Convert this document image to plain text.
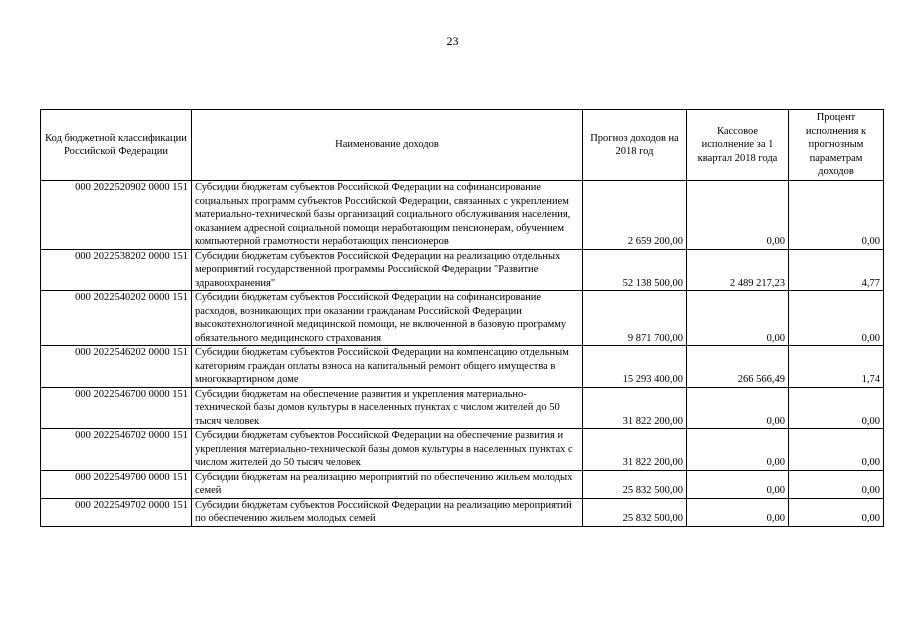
23
Код бюджетной классификации Российской Федерации	Наименование доходов	Прогноз доходов на 2018 год	Кассовое исполнение за 1 квартал 2018 года	Процент исполнения к прогнозным параметрам доходов
000 2022520902 0000 151	Субсидии бюджетам субъектов Российской Федерации на софинансирование социальных программ субъектов Российской Федерации, связанных с укреплением материально-технической базы организаций социального обслуживания населения, оказанием адресной социальной помощи неработающим пенсионерам, обучением компьютерной грамотности неработающих пенсионеров	2 659 200,00	0,00	0,00
000 2022538202 0000 151	Субсидии бюджетам субъектов Российской Федерации на реализацию отдельных мероприятий государственной программы Российской Федерации "Развитие здравоохранения"	52 138 500,00	2 489 217,23	4,77
000 2022540202 0000 151	Субсидии бюджетам субъектов Российской Федерации на софинансирование расходов, возникающих при оказании гражданам Российской Федерации высокотехнологичной медицинской помощи, не включенной в базовую программу обязательного медицинского страхования	9 871 700,00	0,00	0,00
000 2022546202 0000 151	Субсидии бюджетам субъектов Российской Федерации на компенсацию отдельным категориям граждан оплаты взноса на капитальный ремонт общего имущества в многоквартирном доме	15 293 400,00	266 566,49	1,74
000 2022546700 0000 151	Субсидии бюджетам на обеспечение развития и укрепления материально-технической базы домов культуры в населенных пунктах с числом жителей до 50 тысяч человек	31 822 200,00	0,00	0,00
000 2022546702 0000 151	Субсидии бюджетам субъектов Российской Федерации на обеспечение развития и укрепления материально-технической базы домов культуры в населенных пунктах с числом жителей до 50 тысяч человек	31 822 200,00	0,00	0,00
000 2022549700 0000 151	Субсидии бюджетам на реализацию мероприятий по обеспечению жильем молодых семей	25 832 500,00	0,00	0,00
000 2022549702 0000 151	Субсидии бюджетам субъектов Российской Федерации на реализацию мероприятий по обеспечению жильем молодых семей	25 832 500,00	0,00	0,00
